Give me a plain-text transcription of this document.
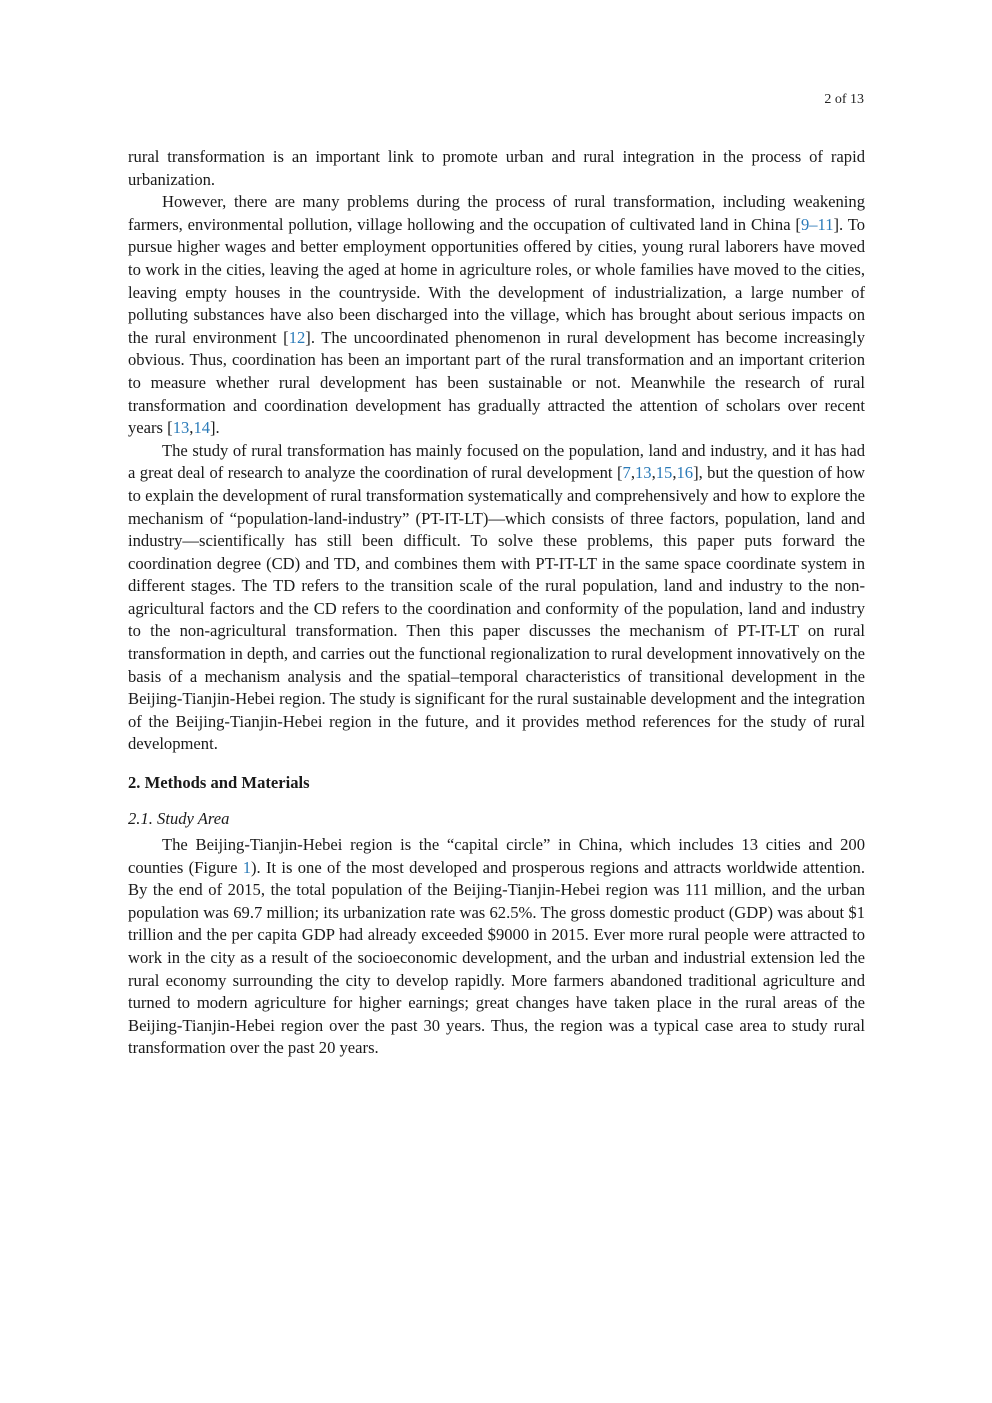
2 of 13

rural transformation is an important link to promote urban and rural integration in the process of rapid urbanization.

However, there are many problems during the process of rural transformation, including weakening farmers, environmental pollution, village hollowing and the occupation of cultivated land in China [9–11]. To pursue higher wages and better employment opportunities offered by cities, young rural laborers have moved to work in the cities, leaving the aged at home in agriculture roles, or whole families have moved to the cities, leaving empty houses in the countryside. With the development of industrialization, a large number of polluting substances have also been discharged into the village, which has brought about serious impacts on the rural environment [12]. The uncoordinated phenomenon in rural development has become increasingly obvious. Thus, coordination has been an important part of the rural transformation and an important criterion to measure whether rural development has been sustainable or not. Meanwhile the research of rural transformation and coordination development has gradually attracted the attention of scholars over recent years [13,14].

The study of rural transformation has mainly focused on the population, land and industry, and it has had a great deal of research to analyze the coordination of rural development [7,13,15,16], but the question of how to explain the development of rural transformation systematically and comprehensively and how to explore the mechanism of “population-land-industry” (PT-IT-LT)—which consists of three factors, population, land and industry—scientifically has still been difficult. To solve these problems, this paper puts forward the coordination degree (CD) and TD, and combines them with PT-IT-LT in the same space coordinate system in different stages. The TD refers to the transition scale of the rural population, land and industry to the non-agricultural factors and the CD refers to the coordination and conformity of the population, land and industry to the non-agricultural transformation. Then this paper discusses the mechanism of PT-IT-LT on rural transformation in depth, and carries out the functional regionalization to rural development innovatively on the basis of a mechanism analysis and the spatial–temporal characteristics of transitional development in the Beijing-Tianjin-Hebei region. The study is significant for the rural sustainable development and the integration of the Beijing-Tianjin-Hebei region in the future, and it provides method references for the study of rural development.

2. Methods and Materials

2.1. Study Area

The Beijing-Tianjin-Hebei region is the “capital circle” in China, which includes 13 cities and 200 counties (Figure 1). It is one of the most developed and prosperous regions and attracts worldwide attention. By the end of 2015, the total population of the Beijing-Tianjin-Hebei region was 111 million, and the urban population was 69.7 million; its urbanization rate was 62.5%. The gross domestic product (GDP) was about $1 trillion and the per capita GDP had already exceeded $9000 in 2015. Ever more rural people were attracted to work in the city as a result of the socioeconomic development, and the urban and industrial extension led the rural economy surrounding the city to develop rapidly. More farmers abandoned traditional agriculture and turned to modern agriculture for higher earnings; great changes have taken place in the rural areas of the Beijing-Tianjin-Hebei region over the past 30 years. Thus, the region was a typical case area to study rural transformation over the past 20 years.
